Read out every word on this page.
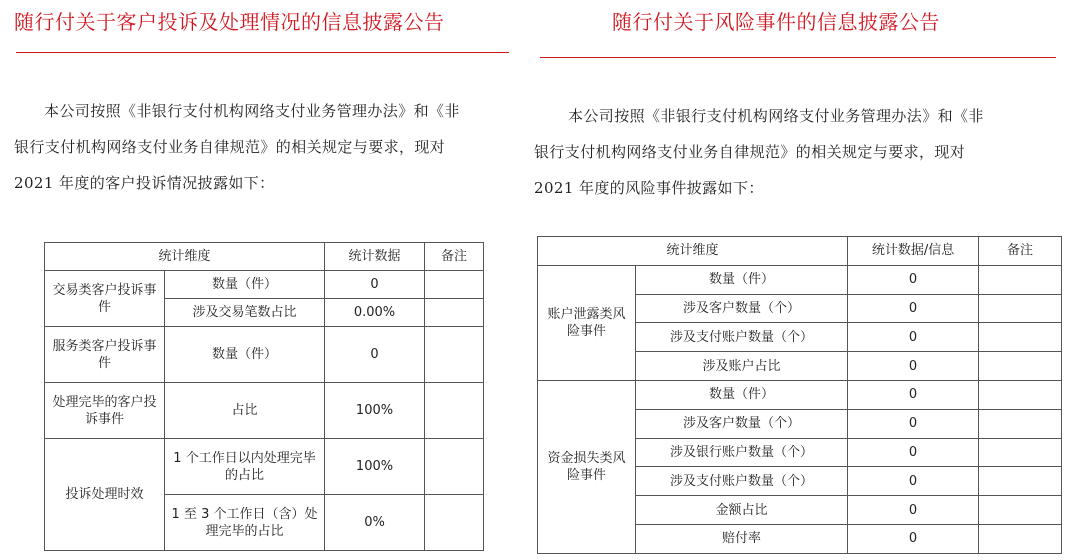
随行付关于客户投诉及处理情况的信息披露公告

本公司按照《非银行支付机构网络支付业务管理办法》和《非

银行支付机构网络支付业务自律规范》的相关规定与要求，现对

2021 年度的客户投诉情况披露如下：

统计维度		统计数据	备注
交易类客户投诉事件	数量（件）	0	
	涉及交易笔数占比	0.00%	
服务类客户投诉事件	数量（件）	0	
处理完毕的客户投诉事件	占比	100%	
投诉处理时效	1 个工作日以内处理完毕的占比	100%	
	1 至 3 个工作日（含）处理完毕的占比	0%	
随行付关于风险事件的信息披露公告

本公司按照《非银行支付机构网络支付业务管理办法》和《非

银行支付机构网络支付业务自律规范》的相关规定与要求，现对

2021 年度的风险事件披露如下：

统计维度		统计数据/信息	备注
账户泄露类风险事件	数量（件）	0	
	涉及客户数量（个）	0	
	涉及支付账户数量（个）	0	
	涉及账户占比	0	
资金损失类风险事件	数量（件）	0	
	涉及客户数量（个）	0	
	涉及银行账户数量（个）	0	
	涉及支付账户数量（个）	0	
	金额占比	0	
	赔付率	0	
